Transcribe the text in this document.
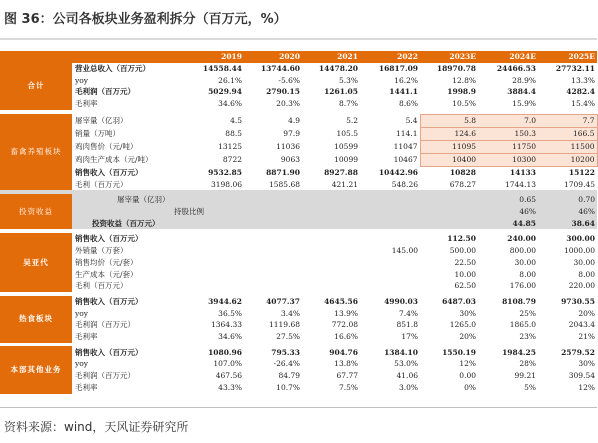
图 36：公司各板块业务盈利拆分（百万元，%）
		2019	2020	2021	2022	2023E	2024E	2025E
合计	营业总收入（百万元）	14558.44	13744.60	14478.20	16817.09	18970.78	24466.53	27732.11
	yoy	26.1%	-5.6%	5.3%	16.2%	12.8%	28.9%	13.3%
	毛利润（百万元）	5029.94	2790.15	1261.05	1441.1	1998.9	3884.4	4282.4
	毛利率	34.6%	20.3%	8.7%	8.6%	10.5%	15.9%	15.4%

畜禽养殖板块	屠宰量（亿羽）	4.5	4.9	5.2	5.4	5.8	7.0	7.7
	销量（万吨）	88.5	97.9	105.5	114.1	124.6	150.3	166.5
	鸡肉售价（元/吨）	13125	11036	10599	11047	11095	11750	11500
	鸡肉生产成本（元/吨）	8722	9063	10099	10467	10400	10300	10200
	销售收入（百万元）	9532.85	8871.90	8927.88	10442.96	10828	14133	15122
	毛利（百万元）	3198.06	1585.68	421.21	548.26	678.27	1744.13	1709.45

投资收益	屠宰量（亿羽）						0.65	0.70
	持股比例						46%	46%
	投资收益（百万元）						44.85	38.64

吴亚代	销售收入（百万元）					112.50	240.00	300.00
	外销量（万套）				145.00	500.00	800.00	1000.00
	销售均价（元/套）					22.50	30.00	30.00
	生产成本（元/套）					10.00	8.00	8.00
	毛利（百万元）					62.50	176.00	220.00

热食板块	销售收入（百万元）	3944.62	4077.37	4645.56	4990.03	6487.03	8108.79	9730.55
	yoy	36.5%	3.4%	13.9%	7.4%	30%	25%	20%
	毛利润（百万元）	1364.33	1119.68	772.08	851.8	1265.0	1865.0	2043.4
	毛利率	34.6%	27.5%	16.6%	17%	20%	23%	21%

本部其他业务	销售收入（百万元）	1080.96	795.33	904.76	1384.10	1550.19	1984.25	2579.52
	yoy	107.0%	-26.4%	13.8%	53.0%	12%	28%	30%
	毛利润（百万元）	467.56	84.79	67.77	41.06	0.00	99.21	309.54
	毛利率	43.3%	10.7%	7.5%	3.0%	0%	5%	12%
资料来源：wind，天风证券研究所
